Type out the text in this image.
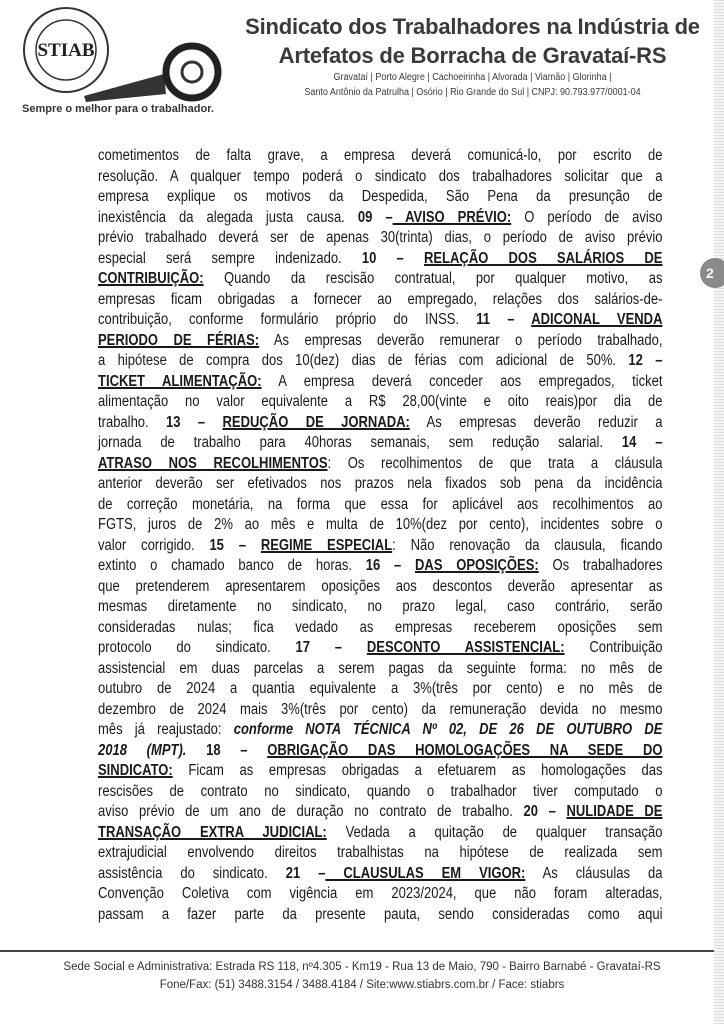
STIAB
Sempre o melhor para o trabalhador.
Sindicato dos Trabalhadores na Indústria de
Artefatos de Borracha de Gravataí-RS
Gravataí | Porto Alegre | Cachoeirinha | Alvorada | Viamão | Glorinha |
Santo Antônio da Patrulha | Osório | Rio Grande do Sul | CNPJ: 90.793.977/0001-04
2
cometimentos de falta grave, a empresa deverá comunicá-lo, por escrito de
resolução. A qualquer tempo poderá o sindicato dos trabalhadores solicitar que a
empresa explique os motivos da Despedida, São Pena da presunção de
inexistência da alegada justa causa. 09 – AVISO PRÉVIO: O período de aviso
prévio trabalhado deverá ser de apenas 30(trinta) dias, o período de aviso prévio
especial será sempre indenizado. 10 – RELAÇÃO DOS SALÁRIOS DE
CONTRIBUIÇÃO: Quando da rescisão contratual, por qualquer motivo, as
empresas ficam obrigadas a fornecer ao empregado, relações dos salários-de-
contribuição, conforme formulário próprio do INSS. 11 – ADICONAL VENDA
PERIODO DE FÉRIAS: As empresas deverão remunerar o período trabalhado,
a hipótese de compra dos 10(dez) dias de férias com adicional de 50%. 12 –
TICKET ALIMENTAÇÃO: A empresa deverá conceder aos empregados, ticket
alimentação no valor equivalente a R$ 28,00(vinte e oito reais)por dia de
trabalho. 13 – REDUÇÃO DE JORNADA: As empresas deverão reduzir a
jornada de trabalho para 40horas semanais, sem redução salarial. 14 –
ATRASO NOS RECOLHIMENTOS: Os recolhimentos de que trata a cláusula
anterior deverão ser efetivados nos prazos nela fixados sob pena da incidência
de correção monetária, na forma que essa for aplicável aos recolhimentos ao
FGTS, juros de 2% ao mês e multa de 10%(dez por cento), incidentes sobre o
valor corrigido. 15 – REGIME ESPECIAL: Não renovação da clausula, ficando
extinto o chamado banco de horas. 16 – DAS OPOSIÇÕES: Os trabalhadores
que pretenderem apresentarem oposições aos descontos deverão apresentar as
mesmas diretamente no sindicato, no prazo legal, caso contrário, serão
consideradas nulas; fica vedado as empresas receberem oposições sem
protocolo do sindicato. 17 – DESCONTO ASSISTENCIAL: Contribuição
assistencial em duas parcelas a serem pagas da seguinte forma: no mês de
outubro de 2024 a quantia equivalente a 3%(três por cento) e no mês de
dezembro de 2024 mais 3%(três por cento) da remuneração devida no mesmo
mês já reajustado: conforme NOTA TÉCNICA Nº 02, DE 26 DE OUTUBRO DE
2018 (MPT). 18 – OBRIGAÇÃO DAS HOMOLOGAÇÕES NA SEDE DO
SINDICATO: Ficam as empresas obrigadas a efetuarem as homologações das
rescisões de contrato no sindicato, quando o trabalhador tiver computado o
aviso prévio de um ano de duração no contrato de trabalho. 20 – NULIDADE DE
TRANSAÇÃO EXTRA JUDICIAL: Vedada a quitação de qualquer transação
extrajudicial envolvendo direitos trabalhistas na hipótese de realizada sem
assistência do sindicato. 21 – CLAUSULAS EM VIGOR: As cláusulas da
Convenção Coletiva com vigência em 2023/2024, que não foram alteradas,
passam a fazer parte da presente pauta, sendo consideradas como aqui
Sede Social e Administrativa: Estrada RS 118, nº4.305 - Km19 - Rua 13 de Maio, 790 - Bairro Barnabé - Gravataí-RS
Fone/Fax: (51) 3488.3154 / 3488.4184 / Site:www.stiabrs.com.br / Face: stiabrs
